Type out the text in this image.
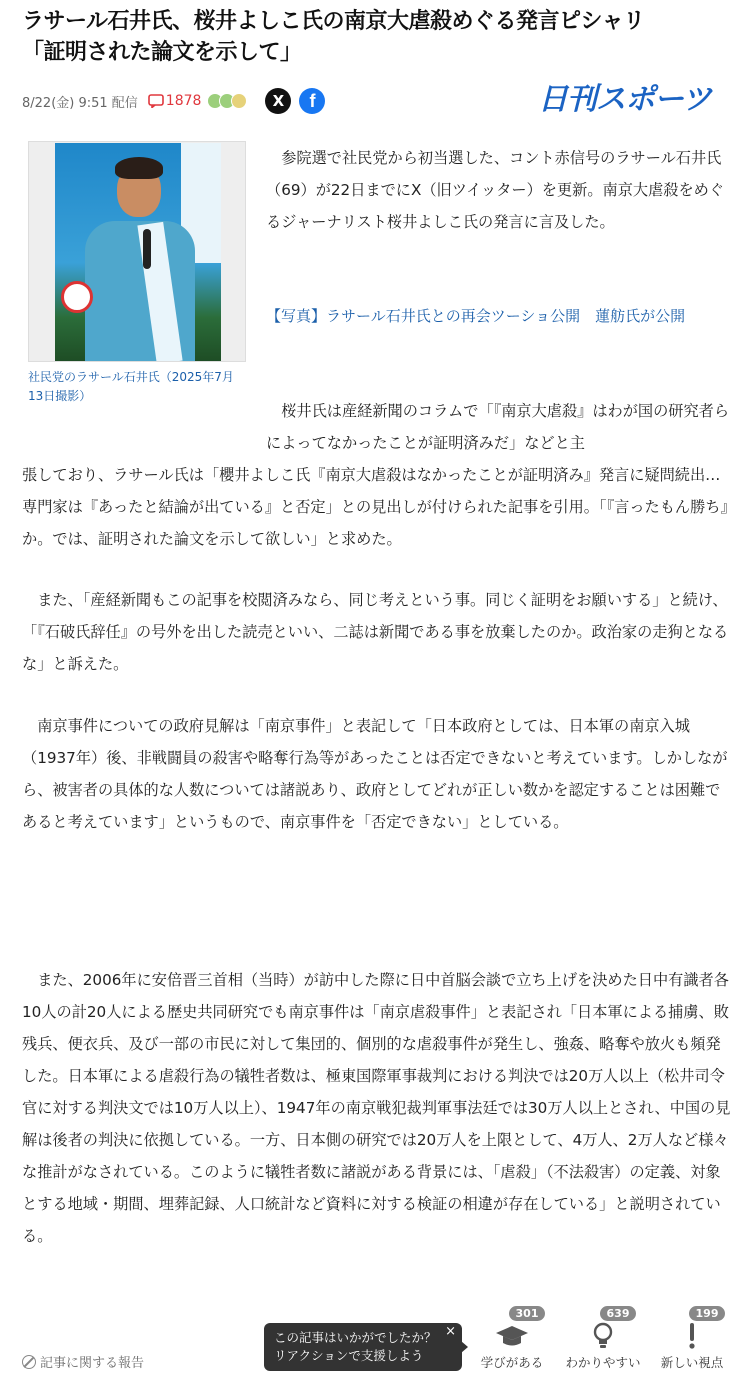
ラサール石井氏、桜井よしこ氏の南京大虐殺めぐる発言ピシャリ
「証明された論文を示して」
8/22(金) 9:51 配信 1878	X f	日刊スポーツ
社民党のラサール石井氏（2025年7月13日撮影）
参院選で社民党から初当選した、コント赤信号のラサール石井氏（69）が22日までにX（旧ツイッター）を更新。南京大虐殺をめぐるジャーナリスト桜井よしこ氏の発言に言及した。
【写真】ラサール石井氏との再会ツーショ公開　蓮舫氏が公開
桜井氏は産経新聞のコラムで「『南京大虐殺』はわが国の研究者らによってなかったことが証明済みだ」などと主
張しており、ラサール氏は「櫻井よしこ氏『南京大虐殺はなかったことが証明済み』発言に疑問続出…専門家は『あったと結論が出ている』と否定」との見出しが付けられた記事を引用。「『言ったもん勝ち』か。では、証明された論文を示して欲しい」と求めた。
また、「産経新聞もこの記事を校閲済みなら、同じ考えという事。同じく証明をお願いする」と続け、「『石破氏辞任』の号外を出した読売といい、二誌は新聞である事を放棄したのか。政治家の走狗となるな」と訴えた。
南京事件についての政府見解は「南京事件」と表記して「日本政府としては、日本軍の南京入城（1937年）後、非戦闘員の殺害や略奪行為等があったことは否定できないと考えています。しかしながら、被害者の具体的な人数については諸説あり、政府としてどれが正しい数かを認定することは困難であると考えています」というもので、南京事件を「否定できない」としている。
また、2006年に安倍晋三首相（当時）が訪中した際に日中首脳会談で立ち上げを決めた日中有識者各10人の計20人による歴史共同研究でも南京事件は「南京虐殺事件」と表記され「日本軍による捕虜、敗残兵、便衣兵、及び一部の市民に対して集団的、個別的な虐殺事件が発生し、強姦、略奪や放火も頻発した。日本軍による虐殺行為の犠牲者数は、極東国際軍事裁判における判決では20万人以上（松井司令官に対する判決文では10万人以上）、1947年の南京戦犯裁判軍事法廷では30万人以上とされ、中国の見解は後者の判決に依拠している。一方、日本側の研究では20万人を上限として、4万人、2万人など様々な推計がなされている。このように犠牲者数に諸説がある背景には、「虐殺」（不法殺害）の定義、対象とする地域・期間、埋葬記録、人口統計など資料に対する検証の相違が存在している」と説明されている。
記事に関する報告
この記事はいかがでしたか？
リアクションで支援しよう
×
301
学びがある
639
わかりやすい
199
新しい視点
